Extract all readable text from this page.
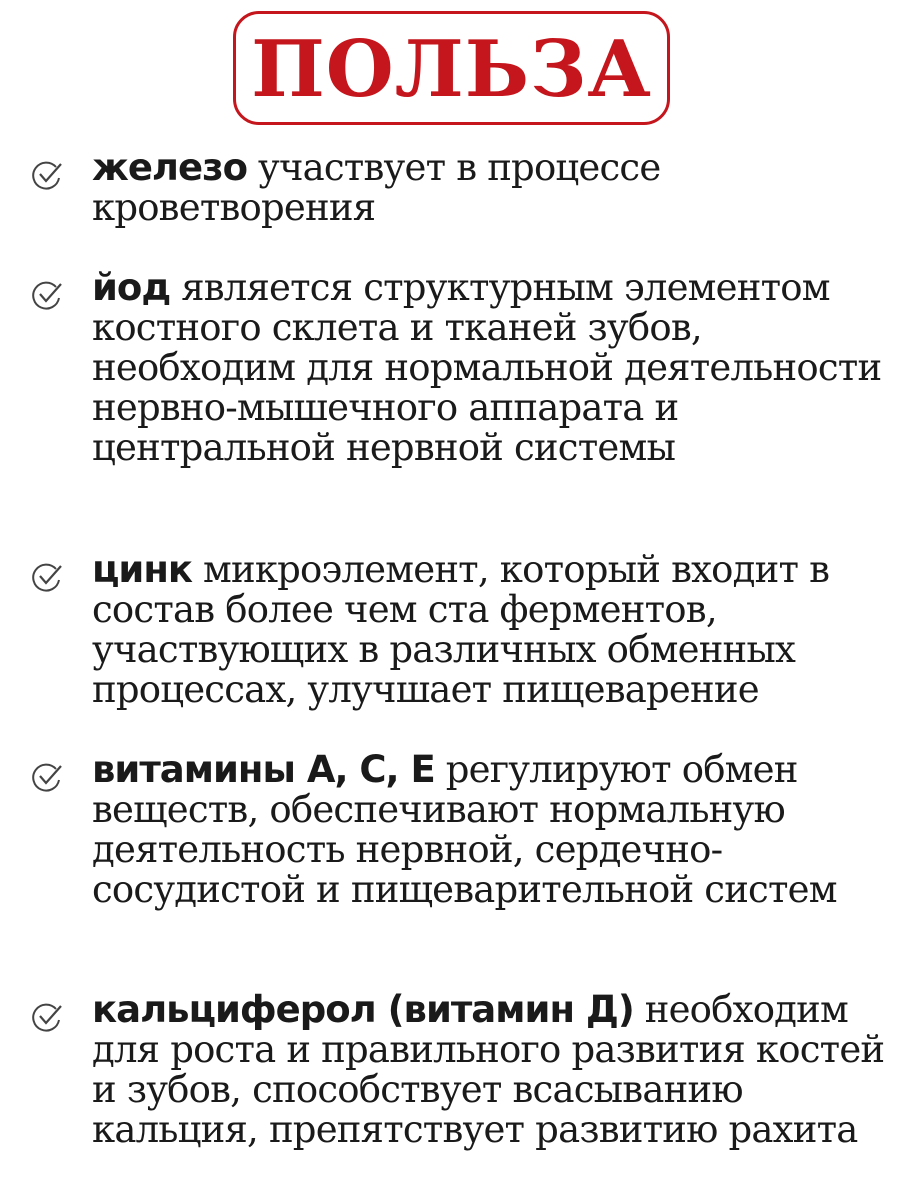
ПОЛЬЗА
железо участвует в процессе кроветворения
йод является структурным элементом костного склета и тканей зубов, необходим для нормальной деятельности нервно-мышечного аппарата и центральной нервной системы
цинк микроэлемент, который входит в состав более чем ста ферментов, участвующих в различных обменных процессах, улучшает пищеварение
витамины А, С, Е регулируют обмен веществ, обеспечивают нормальную деятельность нервной, сердечно-сосудистой и пищеварительной систем
кальциферол (витамин Д) необходим для роста и правильного развития костей и зубов, способствует всасыванию кальция, препятствует развитию рахита
